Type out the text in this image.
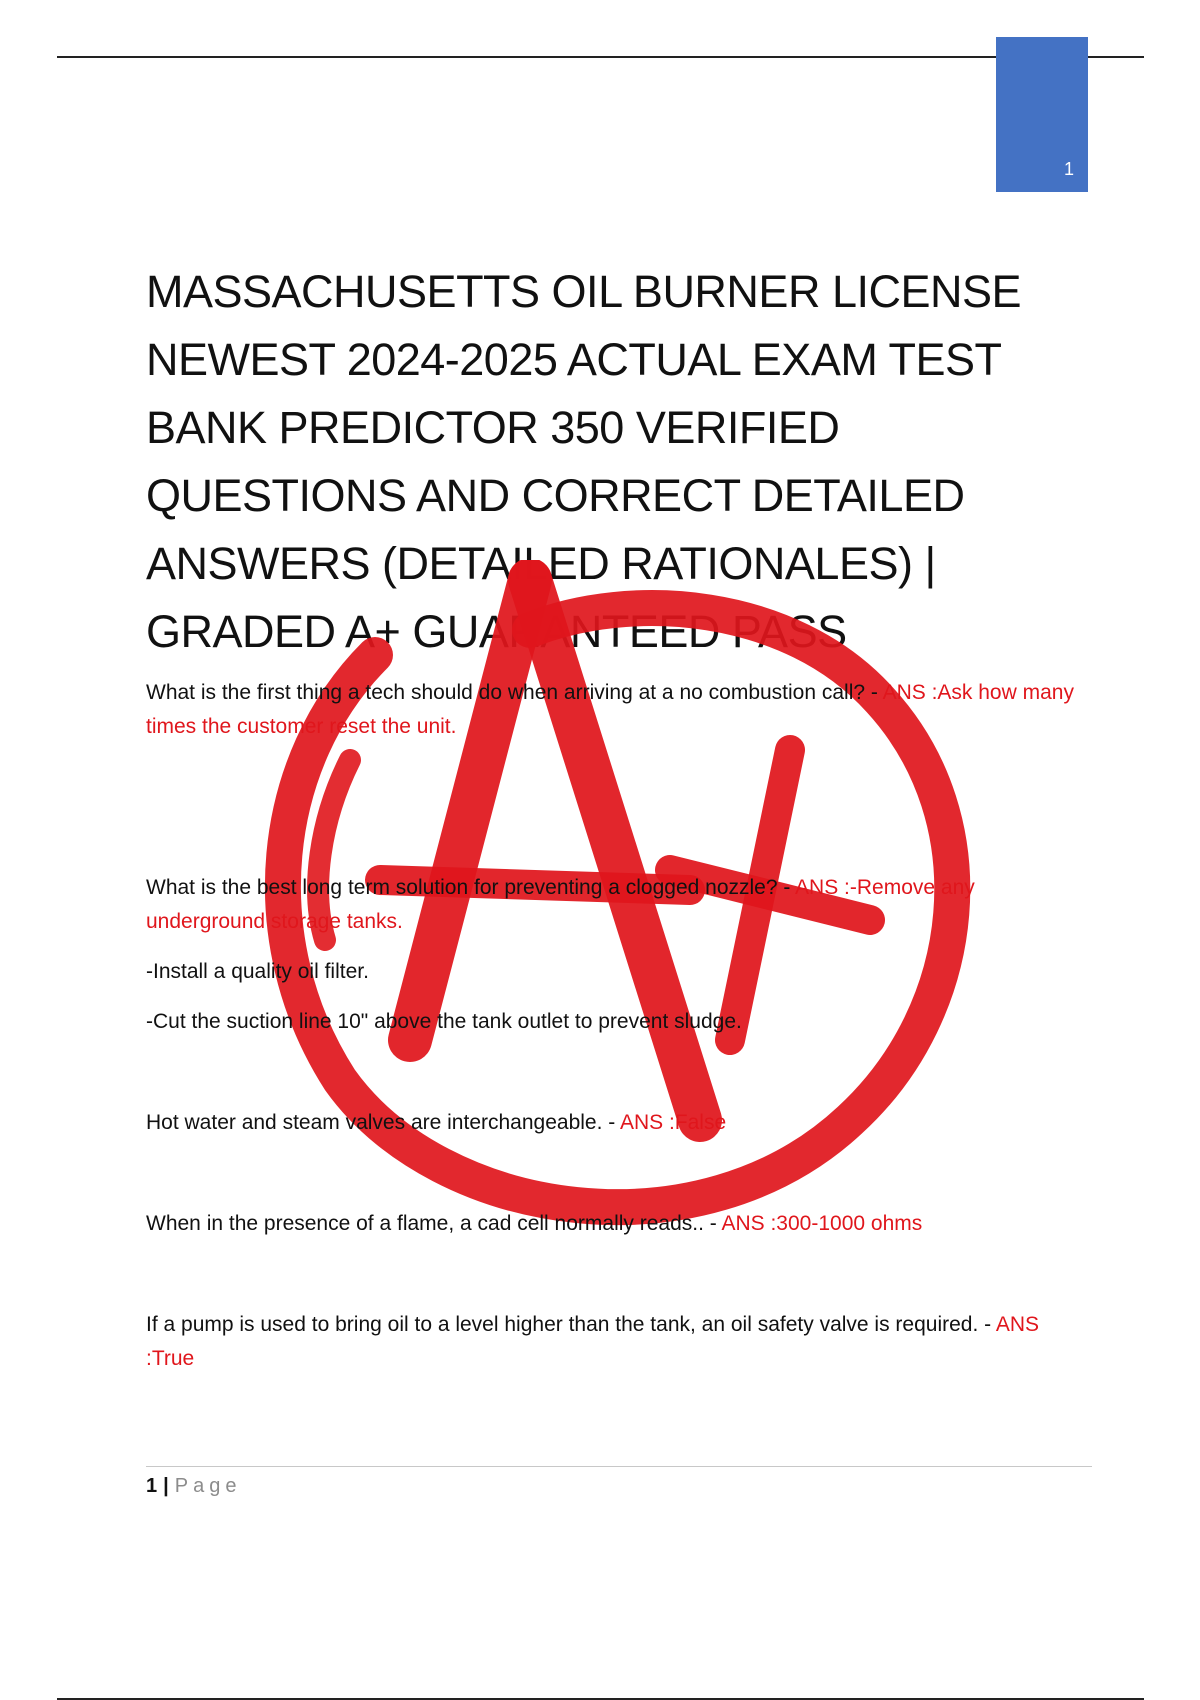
1
MASSACHUSETTS OIL BURNER LICENSE NEWEST 2024-2025 ACTUAL EXAM TEST BANK PREDICTOR 350 VERIFIED QUESTIONS AND CORRECT DETAILED ANSWERS (DETAILED RATIONALES) | GRADED A+ GUARANTEED PASS

What is the first thing a tech should do when arriving at a no combustion call? - ANS :Ask how many times the customer reset the unit.

What is the best long term solution for preventing a clogged nozzle? - ANS :-Remove any underground storage tanks.

-Install a quality oil filter.
-Cut the suction line 10" above the tank outlet to prevent sludge.

Hot water and steam valves are interchangeable. - ANS :False

When in the presence of a flame, a cad cell normally reads.. - ANS :300-1000 ohms

If a pump is used to bring oil to a level higher than the tank, an oil safety valve is required. - ANS :True

1 | Page
